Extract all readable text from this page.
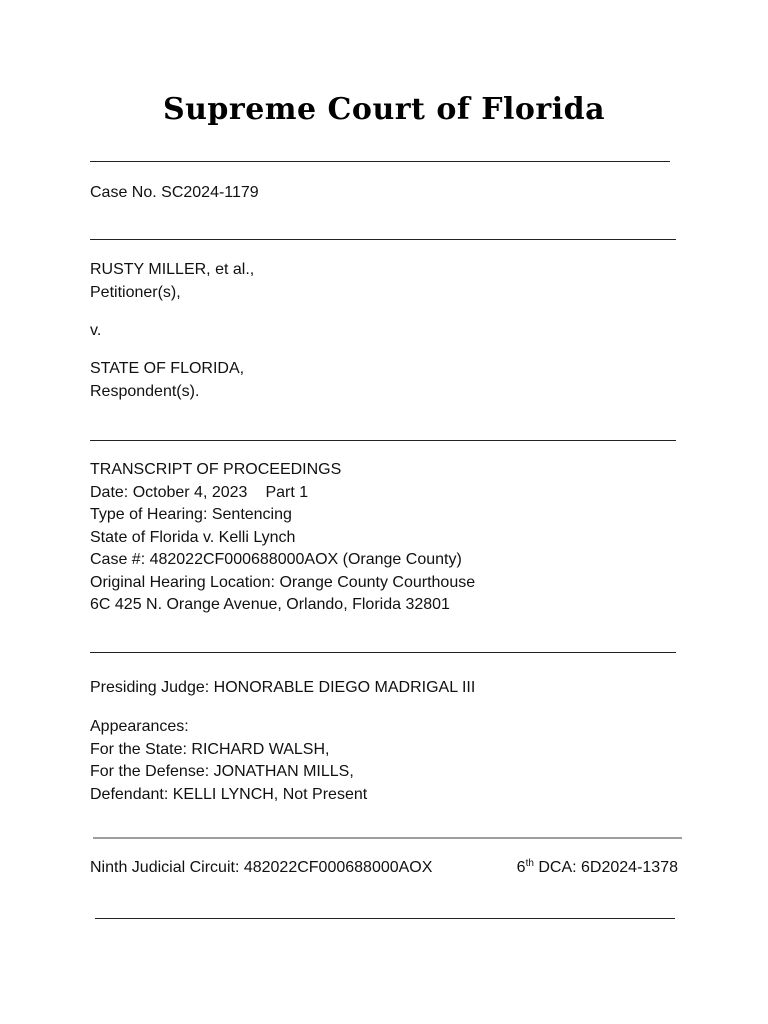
Supreme Court of Florida
Case No. SC2024-1179
RUSTY MILLER, et al.,
Petitioner(s),
v.
STATE OF FLORIDA,
Respondent(s).
TRANSCRIPT OF PROCEEDINGS
Date: October 4, 2023 Part 1
Type of Hearing: Sentencing
State of Florida v. Kelli Lynch
Case #: 482022CF000688000AOX (Orange County)
Original Hearing Location: Orange County Courthouse
6C 425 N. Orange Avenue, Orlando, Florida 32801
Presiding Judge: HONORABLE DIEGO MADRIGAL III
Appearances:
For the State: RICHARD WALSH,
For the Defense: JONATHAN MILLS,
Defendant: KELLI LYNCH, Not Present
Ninth Judicial Circuit: 482022CF000688000AOX	6th DCA: 6D2024-1378
